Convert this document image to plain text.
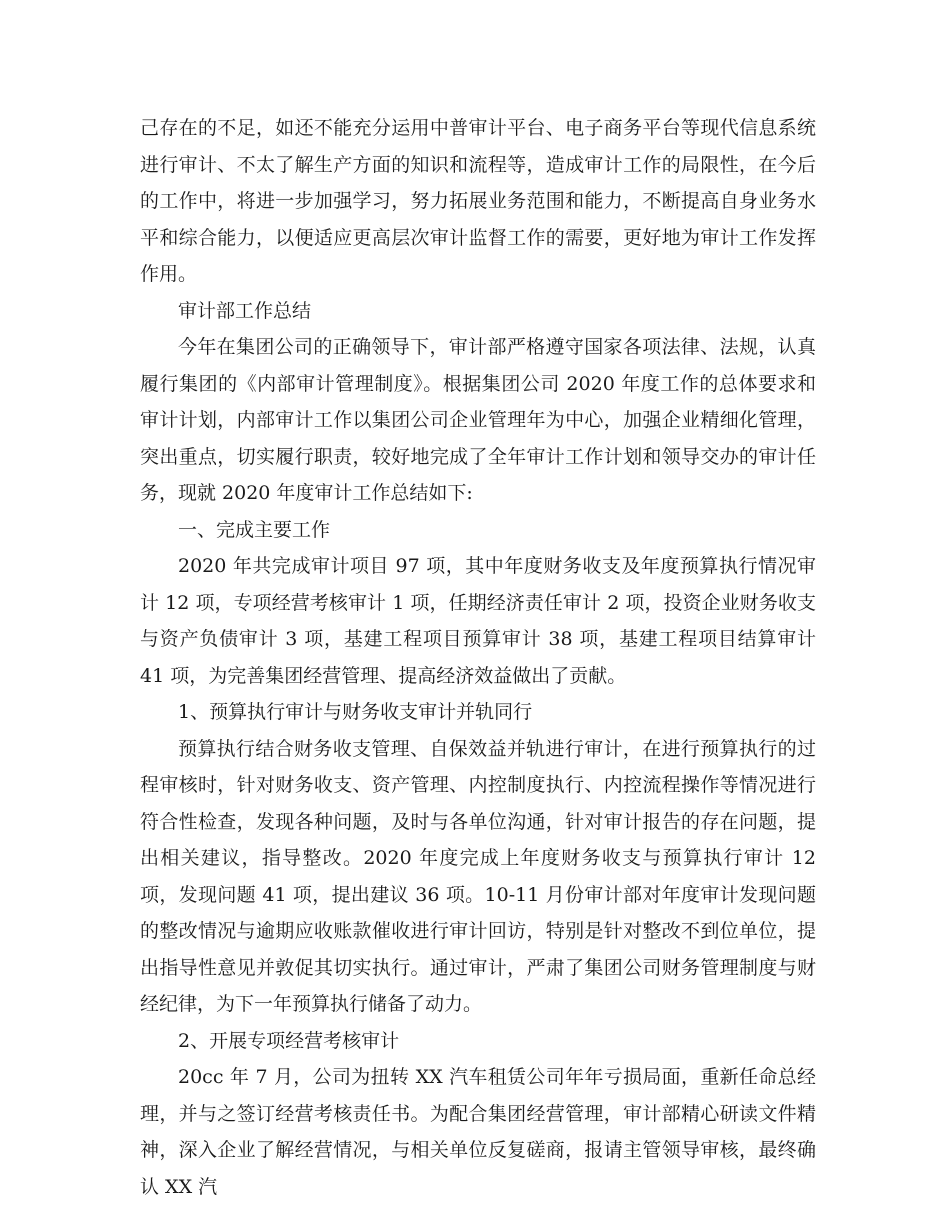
己存在的不足，如还不能充分运用中普审计平台、电子商务平台等现代信息系统进行审计、不太了解生产方面的知识和流程等，造成审计工作的局限性，在今后的工作中，将进一步加强学习，努力拓展业务范围和能力，不断提高自身业务水平和综合能力，以便适应更高层次审计监督工作的需要，更好地为审计工作发挥作用。

审计部工作总结

今年在集团公司的正确领导下，审计部严格遵守国家各项法律、法规，认真履行集团的《内部审计管理制度》。根据集团公司 2020 年度工作的总体要求和审计计划，内部审计工作以集团公司企业管理年为中心，加强企业精细化管理，突出重点，切实履行职责，较好地完成了全年审计工作计划和领导交办的审计任务，现就 2020 年度审计工作总结如下:

一、完成主要工作

2020 年共完成审计项目 97 项，其中年度财务收支及年度预算执行情况审计 12 项，专项经营考核审计 1 项，任期经济责任审计 2 项，投资企业财务收支与资产负债审计 3 项，基建工程项目预算审计 38 项，基建工程项目结算审计 41 项，为完善集团经营管理、提高经济效益做出了贡献。

1、预算执行审计与财务收支审计并轨同行

预算执行结合财务收支管理、自保效益并轨进行审计，在进行预算执行的过程审核时，针对财务收支、资产管理、内控制度执行、内控流程操作等情况进行符合性检查，发现各种问题，及时与各单位沟通，针对审计报告的存在问题，提出相关建议，指导整改。2020 年度完成上年度财务收支与预算执行审计 12 项，发现问题 41 项，提出建议 36 项。10-11 月份审计部对年度审计发现问题的整改情况与逾期应收账款催收进行审计回访，特别是针对整改不到位单位，提出指导性意见并敦促其切实执行。通过审计，严肃了集团公司财务管理制度与财经纪律，为下一年预算执行储备了动力。

2、开展专项经营考核审计

20cc 年 7 月，公司为扭转 XX 汽车租赁公司年年亏损局面，重新任命总经理，并与之签订经营考核责任书。为配合集团经营管理，审计部精心研读文件精神，深入企业了解经营情况，与相关单位反复磋商，报请主管领导审核，最终确认 XX 汽
